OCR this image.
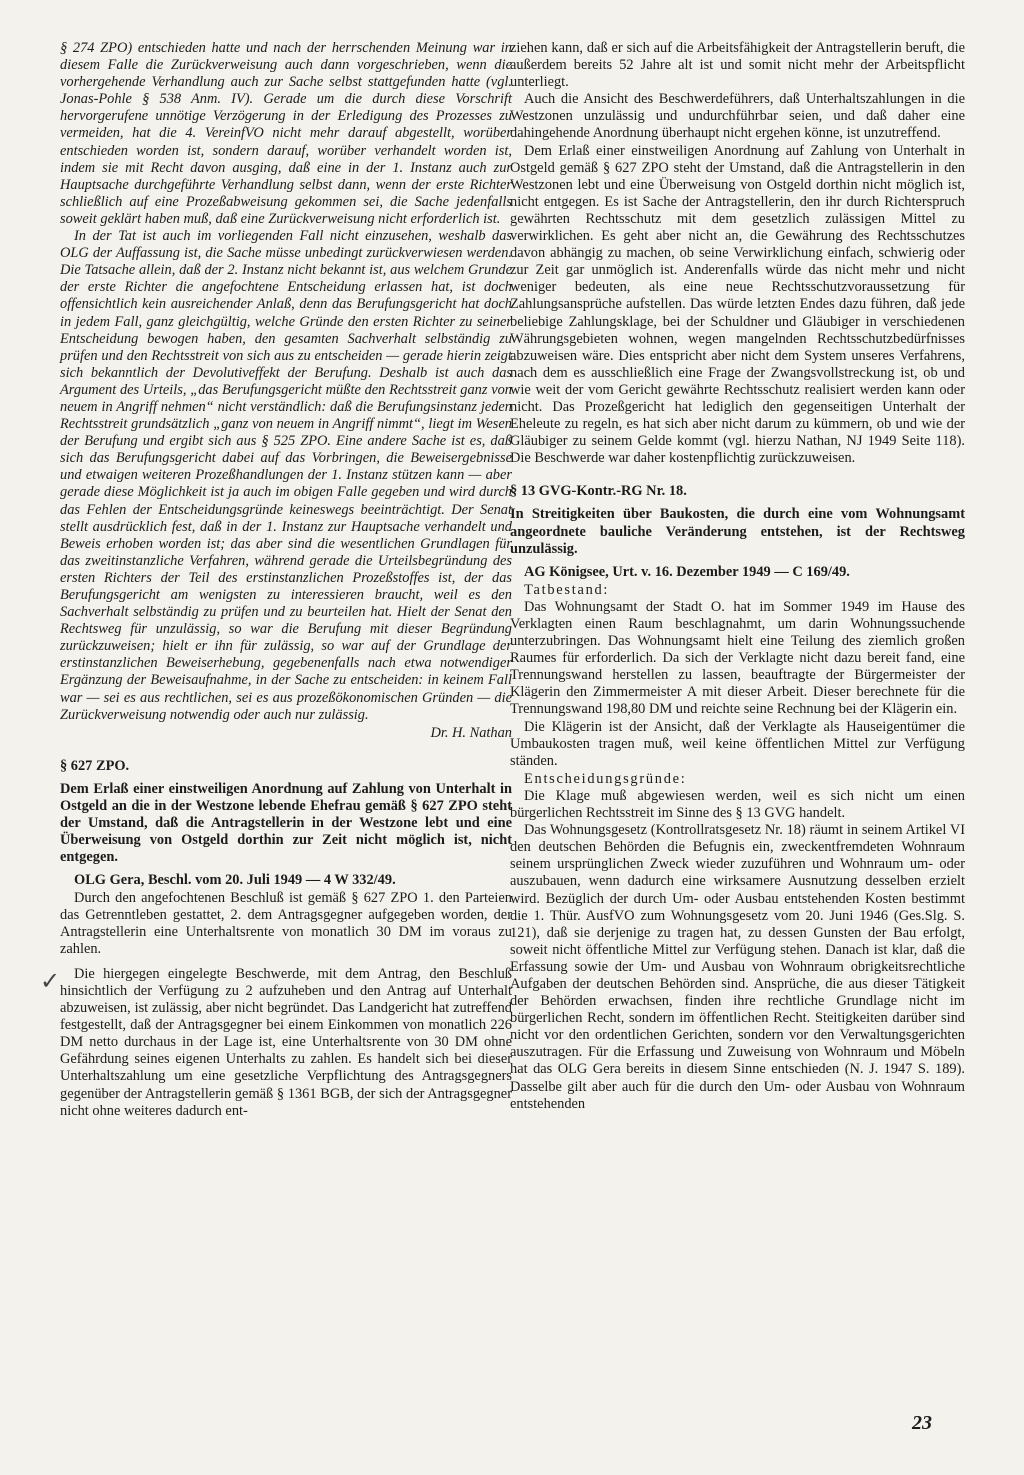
§ 274 ZPO) entschieden hatte und nach der herrschenden Meinung war in diesem Falle die Zurückverweisung auch dann vorgeschrieben, wenn die vorhergehende Verhandlung auch zur Sache selbst stattgefunden hatte (vgl. Jonas-Pohle § 538 Anm. IV). Gerade um die durch diese Vorschrift hervorgerufene unnötige Verzögerung in der Erledigung des Prozesses zu vermeiden, hat die 4. VereinfVO nicht mehr darauf abgestellt, worüber entschieden worden ist, sondern darauf, worüber verhandelt worden ist, indem sie mit Recht davon ausging, daß eine in der 1. Instanz auch zur Hauptsache durchgeführte Verhandlung selbst dann, wenn der erste Richter schließlich auf eine Prozeßabweisung gekommen sei, die Sache jedenfalls soweit geklärt haben muß, daß eine Zurückverweisung nicht erforderlich ist.

In der Tat ist auch im vorliegenden Fall nicht einzusehen, weshalb das OLG der Auffassung ist, die Sache müsse unbedingt zurückverwiesen werden. Die Tatsache allein, daß der 2. Instanz nicht bekannt ist, aus welchem Grunde der erste Richter die angefochtene Entscheidung erlassen hat, ist doch offensichtlich kein ausreichender Anlaß, denn das Berufungsgericht hat doch in jedem Fall, ganz gleichgültig, welche Gründe den ersten Richter zu seiner Entscheidung bewogen haben, den gesamten Sachverhalt selbständig zu prüfen und den Rechtsstreit von sich aus zu entscheiden — gerade hierin zeigt sich bekanntlich der Devolutiveffekt der Berufung. Deshalb ist auch das Argument des Urteils, „das Berufungsgericht müßte den Rechtsstreit ganz von neuem in Angriff nehmen“ nicht verständlich: daß die Berufungsinstanz jeden Rechtsstreit grundsätzlich „ganz von neuem in Angriff nimmt“, liegt im Wesen der Berufung und ergibt sich aus § 525 ZPO. Eine andere Sache ist es, daß sich das Berufungsgericht dabei auf das Vorbringen, die Beweisergebnisse und etwaigen weiteren Prozeßhandlungen der 1. Instanz stützen kann — aber gerade diese Möglichkeit ist ja auch im obigen Falle gegeben und wird durch das Fehlen der Entscheidungsgründe keineswegs beeinträchtigt. Der Senat stellt ausdrücklich fest, daß in der 1. Instanz zur Hauptsache verhandelt und Beweis erhoben worden ist; das aber sind die wesentlichen Grundlagen für das zweitinstanzliche Verfahren, während gerade die Urteilsbegründung des ersten Richters der Teil des erstinstanzlichen Prozeßstoffes ist, der das Berufungsgericht am wenigsten zu interessieren braucht, weil es den Sachverhalt selbständig zu prüfen und zu beurteilen hat. Hielt der Senat den Rechtsweg für unzulässig, so war die Berufung mit dieser Begründung zurückzuweisen; hielt er ihn für zulässig, so war auf der Grundlage der erstinstanzlichen Beweiserhebung, gegebenenfalls nach etwa notwendiger Ergänzung der Beweisaufnahme, in der Sache zu entscheiden: in keinem Fall war — sei es aus rechtlichen, sei es aus prozeßökonomischen Gründen — die Zurückverweisung notwendig oder auch nur zulässig.

Dr. H. Nathan

§ 627 ZPO.

Dem Erlaß einer einstweiligen Anordnung auf Zahlung von Unterhalt in Ostgeld an die in der Westzone lebende Ehefrau gemäß § 627 ZPO steht der Umstand, daß die Antragstellerin in der Westzone lebt und eine Überweisung von Ostgeld dorthin zur Zeit nicht möglich ist, nicht entgegen.

OLG Gera, Beschl. vom 20. Juli 1949 — 4 W 332/49.

Durch den angefochtenen Beschluß ist gemäß § 627 ZPO 1. den Parteien das Getrenntleben gestattet, 2. dem Antragsgegner aufgegeben worden, der Antragstellerin eine Unterhaltsrente von monatlich 30 DM im voraus zu zahlen.

Die hiergegen eingelegte Beschwerde, mit dem Antrag, den Beschluß hinsichtlich der Verfügung zu 2 aufzuheben und den Antrag auf Unterhalt abzuweisen, ist zulässig, aber nicht begründet. Das Landgericht hat zutreffend festgestellt, daß der Antragsgegner bei einem Einkommen von monatlich 226 DM netto durchaus in der Lage ist, eine Unterhaltsrente von 30 DM ohne Gefährdung seines eigenen Unterhalts zu zahlen. Es handelt sich bei dieser Unterhaltszahlung um eine gesetzliche Verpflichtung des Antragsgegners gegenüber der Antragstellerin gemäß § 1361 BGB, der sich der Antragsgegner nicht ohne weiteres dadurch ent-

ziehen kann, daß er sich auf die Arbeitsfähigkeit der Antragstellerin beruft, die außerdem bereits 52 Jahre alt ist und somit nicht mehr der Arbeitspflicht unterliegt.

Auch die Ansicht des Beschwerdeführers, daß Unterhaltszahlungen in die Westzonen unzulässig und undurchführbar seien, und daß daher eine dahingehende Anordnung überhaupt nicht ergehen könne, ist unzutreffend.

Dem Erlaß einer einstweiligen Anordnung auf Zahlung von Unterhalt in Ostgeld gemäß § 627 ZPO steht der Umstand, daß die Antragstellerin in den Westzonen lebt und eine Überweisung von Ostgeld dorthin nicht möglich ist, nicht entgegen. Es ist Sache der Antragstellerin, den ihr durch Richterspruch gewährten Rechtsschutz mit dem gesetzlich zulässigen Mittel zu verwirklichen. Es geht aber nicht an, die Gewährung des Rechtsschutzes davon abhängig zu machen, ob seine Verwirklichung einfach, schwierig oder zur Zeit gar unmöglich ist. Anderenfalls würde das nicht mehr und nicht weniger bedeuten, als eine neue Rechtsschutzvoraussetzung für Zahlungsansprüche aufstellen. Das würde letzten Endes dazu führen, daß jede beliebige Zahlungsklage, bei der Schuldner und Gläubiger in verschiedenen Währungsgebieten wohnen, wegen mangelnden Rechtsschutzbedürfnisses abzuweisen wäre. Dies entspricht aber nicht dem System unseres Verfahrens, nach dem es ausschließlich eine Frage der Zwangsvollstreckung ist, ob und wie weit der vom Gericht gewährte Rechtsschutz realisiert werden kann oder nicht. Das Prozeßgericht hat lediglich den gegenseitigen Unterhalt der Eheleute zu regeln, es hat sich aber nicht darum zu kümmern, ob und wie der Gläubiger zu seinem Gelde kommt (vgl. hierzu Nathan, NJ 1949 Seite 118). Die Beschwerde war daher kostenpflichtig zurückzuweisen.

§ 13 GVG-Kontr.-RG Nr. 18.

In Streitigkeiten über Baukosten, die durch eine vom Wohnungsamt angeordnete bauliche Veränderung entstehen, ist der Rechtsweg unzulässig.

AG Königsee, Urt. v. 16. Dezember 1949 — C 169/49.

Tatbestand:

Das Wohnungsamt der Stadt O. hat im Sommer 1949 im Hause des Verklagten einen Raum beschlagnahmt, um darin Wohnungssuchende unterzubringen. Das Wohnungsamt hielt eine Teilung des ziemlich großen Raumes für erforderlich. Da sich der Verklagte nicht dazu bereit fand, eine Trennungswand herstellen zu lassen, beauftragte der Bürgermeister der Klägerin den Zimmermeister A mit dieser Arbeit. Dieser berechnete für die Trennungswand 198,80 DM und reichte seine Rechnung bei der Klägerin ein.

Die Klägerin ist der Ansicht, daß der Verklagte als Hauseigentümer die Umbaukosten tragen muß, weil keine öffentlichen Mittel zur Verfügung ständen.

Entscheidungsgründe:

Die Klage muß abgewiesen werden, weil es sich nicht um einen bürgerlichen Rechtsstreit im Sinne des § 13 GVG handelt.

Das Wohnungsgesetz (Kontrollratsgesetz Nr. 18) räumt in seinem Artikel VI den deutschen Behörden die Befugnis ein, zweckentfremdeten Wohnraum seinem ursprünglichen Zweck wieder zuzuführen und Wohnraum um- oder auszubauen, wenn dadurch eine wirksamere Ausnutzung desselben erzielt wird. Bezüglich der durch Um- oder Ausbau entstehenden Kosten bestimmt die 1. Thür. AusfVO zum Wohnungsgesetz vom 20. Juni 1946 (Ges.Slg. S. 121), daß sie derjenige zu tragen hat, zu dessen Gunsten der Bau erfolgt, soweit nicht öffentliche Mittel zur Verfügung stehen. Danach ist klar, daß die Erfassung sowie der Um- und Ausbau von Wohnraum obrigkeitsrechtliche Aufgaben der deutschen Behörden sind. Ansprüche, die aus dieser Tätigkeit der Behörden erwachsen, finden ihre rechtliche Grundlage nicht im bürgerlichen Recht, sondern im öffentlichen Recht. Steitigkeiten darüber sind nicht vor den ordentlichen Gerichten, sondern vor den Verwaltungsgerichten auszutragen. Für die Erfassung und Zuweisung von Wohnraum und Möbeln hat das OLG Gera bereits in diesem Sinne entschieden (N. J. 1947 S. 189). Dasselbe gilt aber auch für die durch den Um- oder Ausbau von Wohnraum entstehenden

✓
23
